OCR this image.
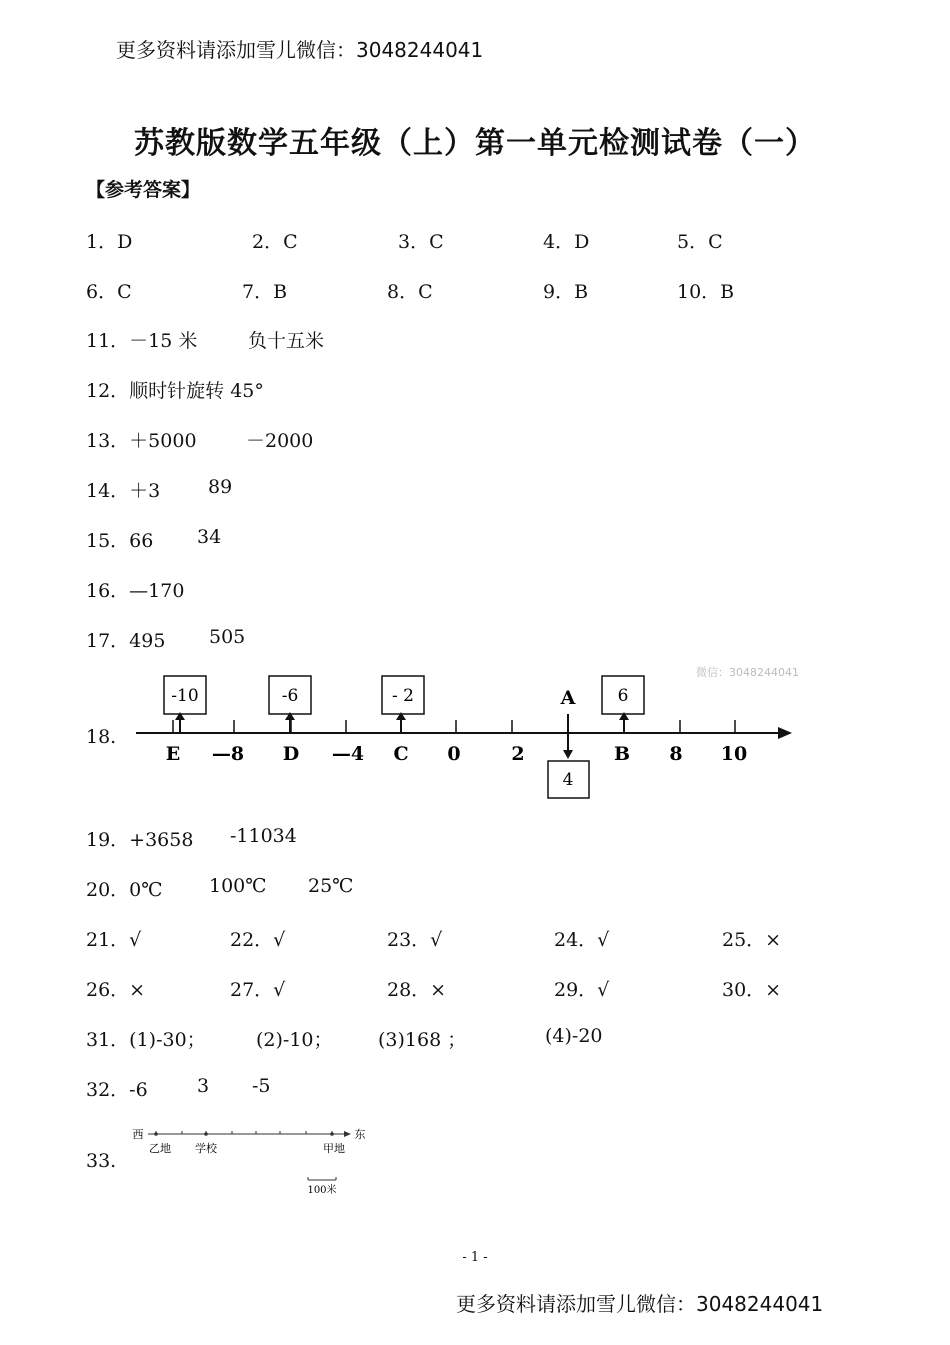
更多资料请添加雪儿微信：3048244041
苏教版数学五年级（上）第一单元检测试卷（一）
【参考答案】
1．D	2．C	3．C	4．D	5．C
6．C	7．B	8．C	9．B	10．B
11．－15 米	负十五米
12．顺时针旋转 45°
13．＋5000	－2000
14．＋3	89
15．66 34
16．—170
17．495 505
微信：3048244041
18.
E —8 D —4 C 0	2	B 8 10
-10	-6	- 2	6
A
4
19．+3658 -11034
20．0℃ 100℃ 25℃
21．√	22．√	23．√	24．√	25．×
26．×	27．√	28．×	29．√	30．×
31．(1)-30；	(2)-10； (3)168 ；	(4)-20
32．-6	3 -5
33.
西	东
乙地 学校	甲地
100米
- 1 -
更多资料请添加雪儿微信：3048244041
